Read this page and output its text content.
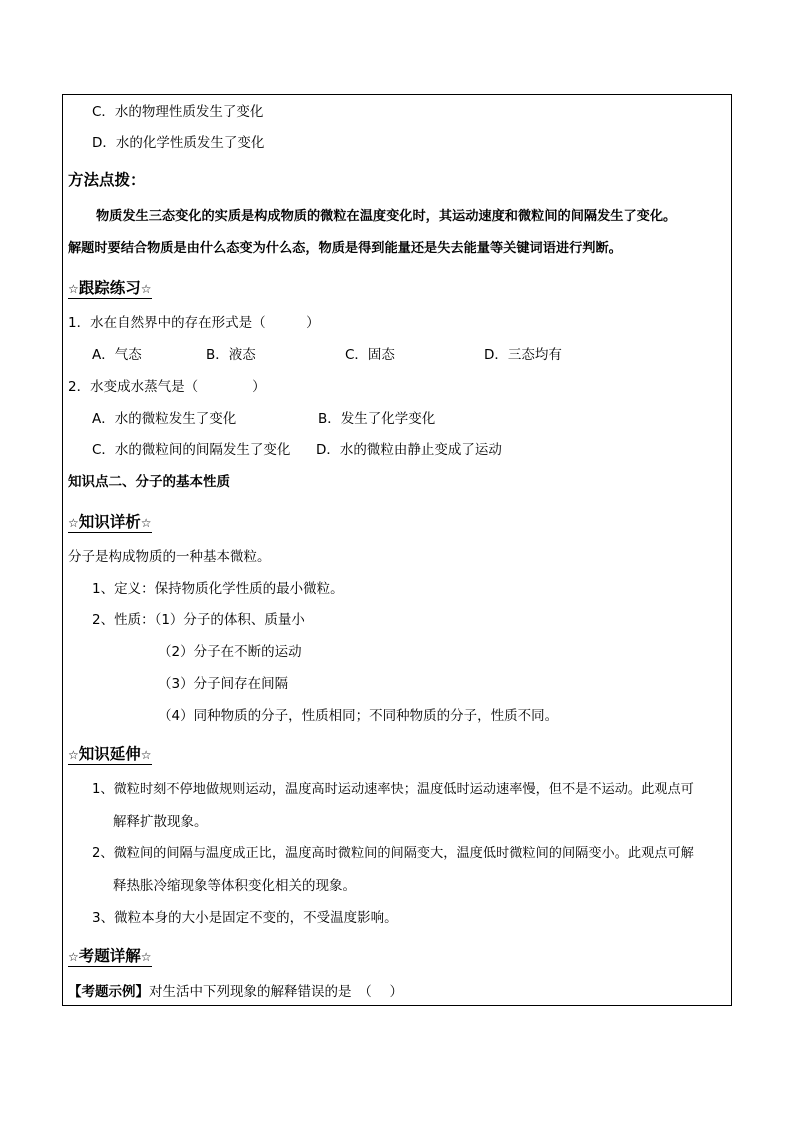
C．水的物理性质发生了变化
D．水的化学性质发生了变化
方法点拨：
物质发生三态变化的实质是构成物质的微粒在温度变化时，其运动速度和微粒间的间隔发生了变化。
解题时要结合物质是由什么态变为什么态，物质是得到能量还是失去能量等关键词语进行判断。
☆跟踪练习☆
1．水在自然界中的存在形式是（　　　）
A．气态	B．液态	C．固态	D．三态均有
2．水变成水蒸气是（　　　　）
A．水的微粒发生了变化	B．发生了化学变化
C．水的微粒间的间隔发生了变化 D．水的微粒由静止变成了运动
知识点二、分子的基本性质
☆知识详析☆
分子是构成物质的一种基本微粒。
1、定义：保持物质化学性质的最小微粒。
2、性质：（1）分子的体积、质量小
（2）分子在不断的运动
（3）分子间存在间隔
（4）同种物质的分子，性质相同；不同种物质的分子，性质不同。
☆知识延伸☆
1、微粒时刻不停地做规则运动，温度高时运动速率快；温度低时运动速率慢，但不是不运动。此观点可
解释扩散现象。
2、微粒间的间隔与温度成正比，温度高时微粒间的间隔变大，温度低时微粒间的间隔变小。此观点可解
释热胀冷缩现象等体积变化相关的现象。
3、微粒本身的大小是固定不变的，不受温度影响。
☆考题详解☆
【考题示例】对生活中下列现象的解释错误的是　（　 ）
